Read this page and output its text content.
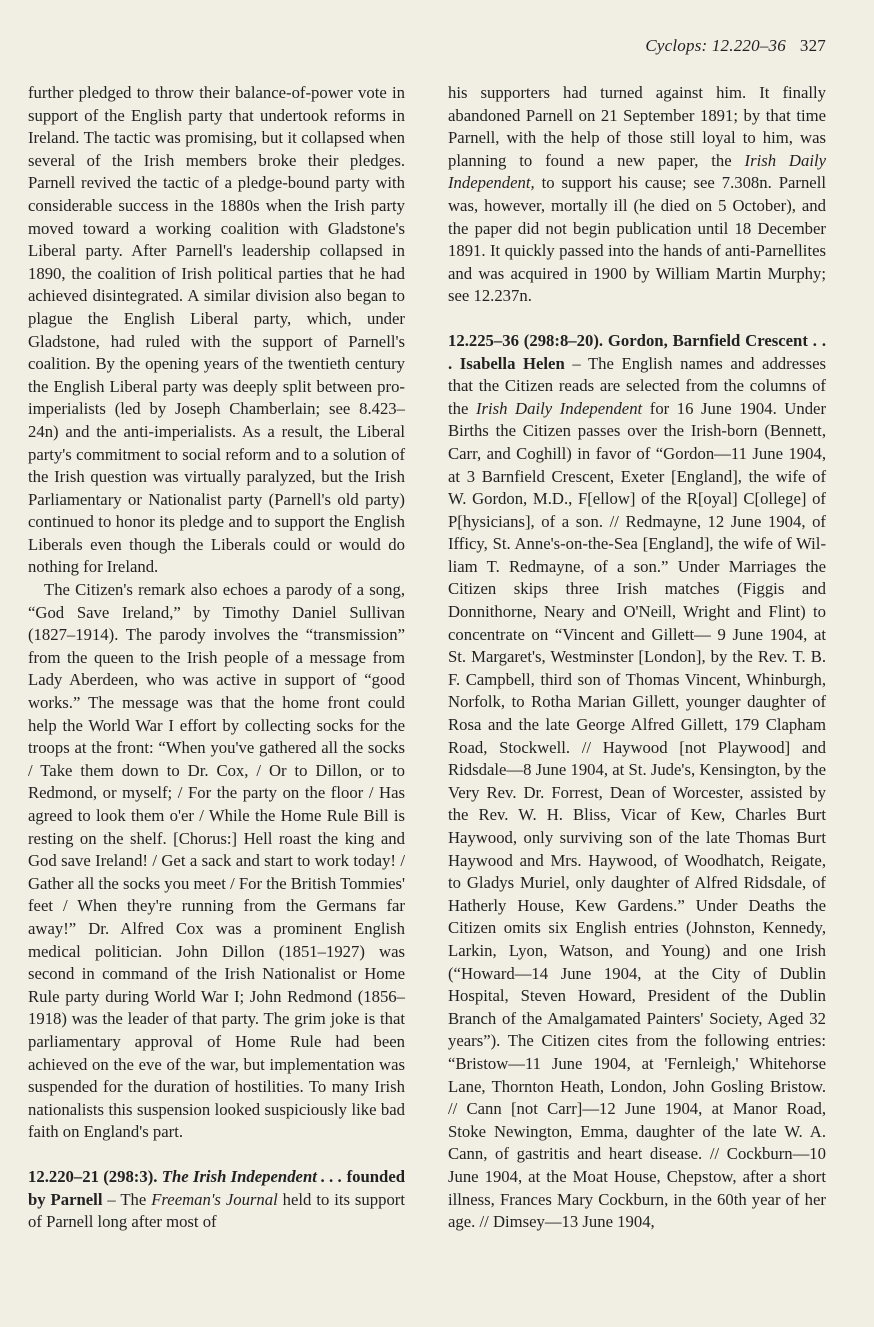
Cyclops: 12.220–36 327

further pledged to throw their balance-of-power vote in support of the English party that undertook reforms in Ireland. The tactic was promising, but it collapsed when several of the Irish members broke their pledges. Parnell revived the tactic of a pledge-bound party with considerable success in the 1880s when the Irish party moved toward a working coalition with Gladstone's Liberal party. After Parnell's leadership collapsed in 1890, the coalition of Irish political parties that he had achieved disintegrated. A similar division also began to plague the English Liberal party, which, under Gladstone, had ruled with the support of Parnell's coalition. By the opening years of the twentieth century the English Liberal party was deeply split between pro-imperialists (led by Joseph Chamberlain; see 8.423–24n) and the anti-imperialists. As a result, the Liberal party's commitment to social reform and to a solution of the Irish question was virtually paralyzed, but the Irish Parliamentary or Nationalist party (Parnell's old party) continued to honor its pledge and to support the English Liberals even though the Liberals could or would do nothing for Ireland.

The Citizen's remark also echoes a parody of a song, “God Save Ireland,” by Timothy Daniel Sullivan (1827–1914). The parody involves the “transmission” from the queen to the Irish people of a message from Lady Aberdeen, who was active in support of “good works.” The message was that the home front could help the World War I effort by collecting socks for the troops at the front: “When you've gathered all the socks / Take them down to Dr. Cox, / Or to Dillon, or to Redmond, or myself; / For the party on the floor / Has agreed to look them o'er / While the Home Rule Bill is resting on the shelf. [Chorus:] Hell roast the king and God save Ireland! / Get a sack and start to work today! / Gather all the socks you meet / For the British Tommies' feet / When they're running from the Germans far away!” Dr. Alfred Cox was a prominent English medical politician. John Dillon (1851–1927) was second in command of the Irish Nationalist or Home Rule party during World War I; John Redmond (1856–1918) was the leader of that party. The grim joke is that parliamentary approval of Home Rule had been achieved on the eve of the war, but implementation was suspended for the duration of hostilities. To many Irish nationalists this suspension looked suspiciously like bad faith on England's part.

12.220–21 (298:3). The Irish Independent . . . founded by Parnell – The Freeman's Journal held to its support of Parnell long after most of

his supporters had turned against him. It finally abandoned Parnell on 21 September 1891; by that time Parnell, with the help of those still loyal to him, was planning to found a new paper, the Irish Daily Independent, to support his cause; see 7.308n. Parnell was, however, mortally ill (he died on 5 October), and the paper did not begin publication until 18 December 1891. It quickly passed into the hands of anti-Parnellites and was acquired in 1900 by William Martin Murphy; see 12.237n.

12.225–36 (298:8–20). Gordon, Barnfield Crescent . . . Isabella Helen – The English names and addresses that the Citizen reads are selected from the columns of the Irish Daily Independent for 16 June 1904. Under Births the Citizen passes over the Irish-born (Bennett, Carr, and Coghill) in favor of “Gordon—11 June 1904, at 3 Barnfield Crescent, Exeter [England], the wife of W. Gordon, M.D., F[ellow] of the R[oyal] C[ollege] of P[hysicians], of a son. // Redmayne, 12 June 1904, of Ifficy, St. Anne's-on-the-Sea [England], the wife of William T. Redmayne, of a son.” Under Marriages the Citizen skips three Irish matches (Figgis and Donnithorne, Neary and O'Neill, Wright and Flint) to concentrate on “Vincent and Gillett— 9 June 1904, at St. Margaret's, Westminster [London], by the Rev. T. B. F. Campbell, third son of Thomas Vincent, Whinburgh, Norfolk, to Rotha Marian Gillett, younger daughter of Rosa and the late George Alfred Gillett, 179 Clapham Road, Stockwell. // Haywood [not Playwood] and Ridsdale—8 June 1904, at St. Jude's, Kensington, by the Very Rev. Dr. Forrest, Dean of Worcester, assisted by the Rev. W. H. Bliss, Vicar of Kew, Charles Burt Haywood, only surviving son of the late Thomas Burt Haywood and Mrs. Haywood, of Woodhatch, Reigate, to Gladys Muriel, only daughter of Alfred Ridsdale, of Hatherly House, Kew Gardens.” Under Deaths the Citizen omits six English entries (Johnston, Kennedy, Larkin, Lyon, Watson, and Young) and one Irish (“Howard—14 June 1904, at the City of Dublin Hospital, Steven Howard, President of the Dublin Branch of the Amalgamated Painters' Society, Aged 32 years”). The Citizen cites from the following entries: “Bristow—11 June 1904, at 'Fernleigh,' Whitehorse Lane, Thornton Heath, London, John Gosling Bristow. // Cann [not Carr]—12 June 1904, at Manor Road, Stoke Newington, Emma, daughter of the late W. A. Cann, of gastritis and heart disease. // Cockburn—10 June 1904, at the Moat House, Chepstow, after a short illness, Frances Mary Cockburn, in the 60th year of her age. // Dimsey—13 June 1904,
